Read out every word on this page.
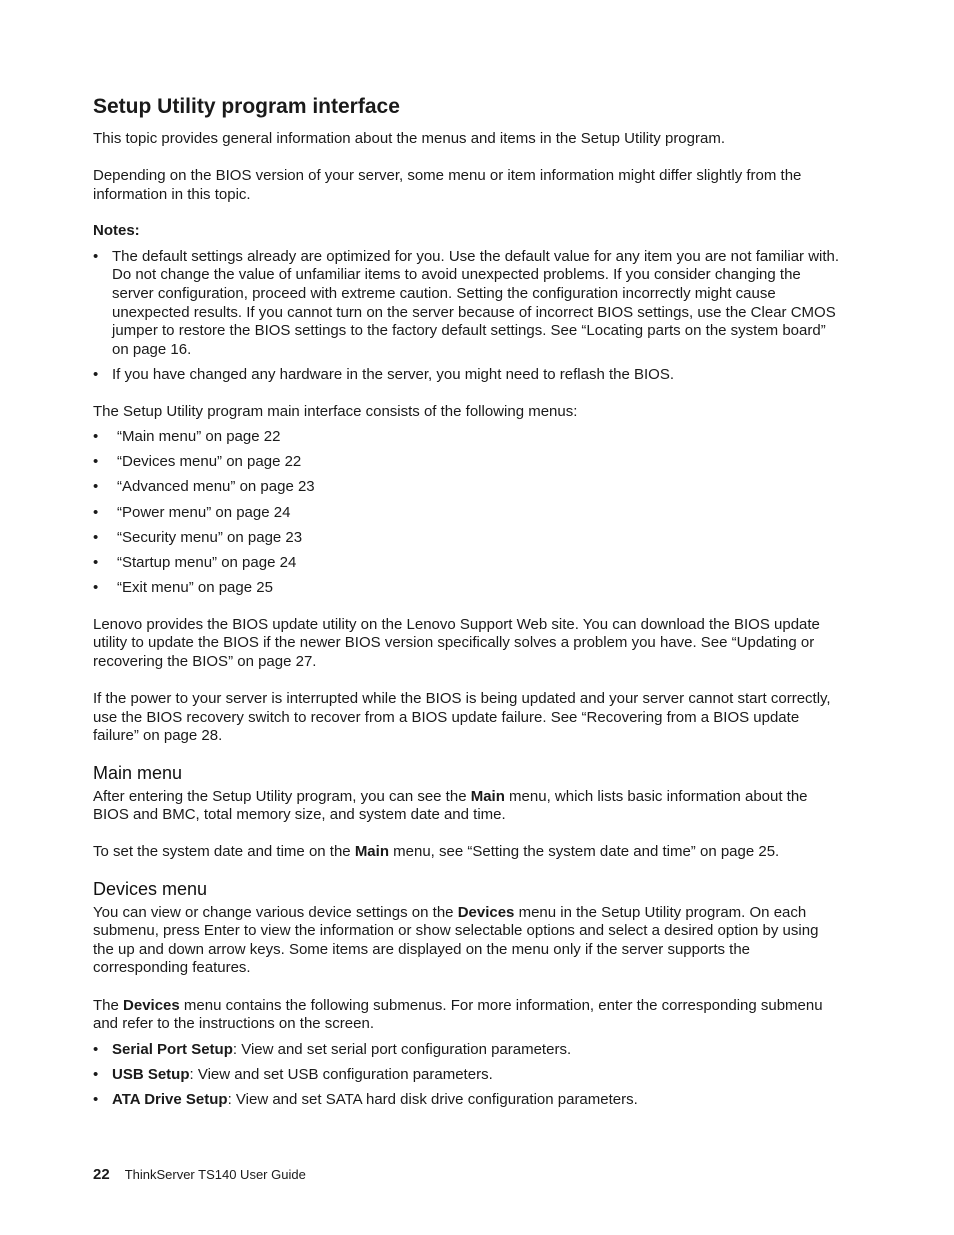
Setup Utility program interface

This topic provides general information about the menus and items in the Setup Utility program.

Depending on the BIOS version of your server, some menu or item information might differ slightly from the information in this topic.

Notes:
• The default settings already are optimized for you. Use the default value for any item you are not familiar with. Do not change the value of unfamiliar items to avoid unexpected problems. If you consider changing the server configuration, proceed with extreme caution. Setting the configuration incorrectly might cause unexpected results. If you cannot turn on the server because of incorrect BIOS settings, use the Clear CMOS jumper to restore the BIOS settings to the factory default settings. See “Locating parts on the system board” on page 16.
• If you have changed any hardware in the server, you might need to reflash the BIOS.

The Setup Utility program main interface consists of the following menus:

• “Main menu” on page 22
• “Devices menu” on page 22
• “Advanced menu” on page 23
• “Power menu” on page 24
• “Security menu” on page 23
• “Startup menu” on page 24
• “Exit menu” on page 25

Lenovo provides the BIOS update utility on the Lenovo Support Web site. You can download the BIOS update utility to update the BIOS if the newer BIOS version specifically solves a problem you have. See “Updating or recovering the BIOS” on page 27.

If the power to your server is interrupted while the BIOS is being updated and your server cannot start correctly, use the BIOS recovery switch to recover from a BIOS update failure. See “Recovering from a BIOS update failure” on page 28.

Main menu

After entering the Setup Utility program, you can see the Main menu, which lists basic information about the BIOS and BMC, total memory size, and system date and time.

To set the system date and time on the Main menu, see “Setting the system date and time” on page 25.

Devices menu

You can view or change various device settings on the Devices menu in the Setup Utility program. On each submenu, press Enter to view the information or show selectable options and select a desired option by using the up and down arrow keys. Some items are displayed on the menu only if the server supports the corresponding features.

The Devices menu contains the following submenus. For more information, enter the corresponding submenu and refer to the instructions on the screen.

• Serial Port Setup: View and set serial port configuration parameters.
• USB Setup: View and set USB configuration parameters.
• ATA Drive Setup: View and set SATA hard disk drive configuration parameters.
22 ThinkServer TS140 User Guide
